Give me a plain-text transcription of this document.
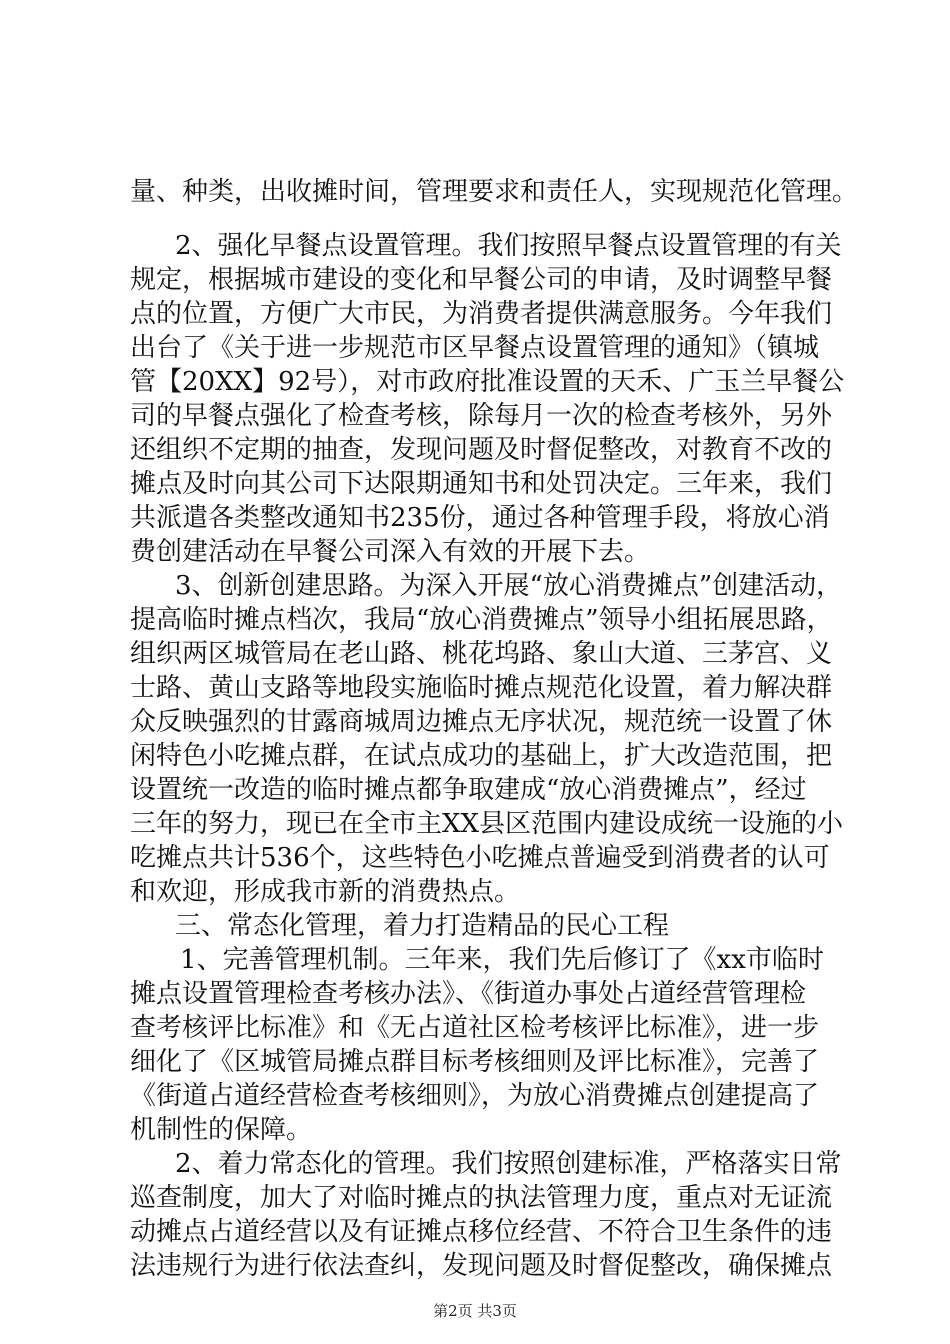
量、种类，出收摊时间，管理要求和责任人，实现规范化管理。
2、强化早餐点设置管理。我们按照早餐点设置管理的有关
规定，根据城市建设的变化和早餐公司的申请，及时调整早餐
点的位置，方便广大市民，为消费者提供满意服务。今年我们
出台了《关于进一步规范市区早餐点设置管理的通知》（镇城
管【20XX】92号），对市政府批准设置的天禾、广玉兰早餐公
司的早餐点强化了检查考核，除每月一次的检查考核外，另外
还组织不定期的抽查，发现问题及时督促整改，对教育不改的
摊点及时向其公司下达限期通知书和处罚决定。三年来，我们
共派遣各类整改通知书235份，通过各种管理手段，将放心消
费创建活动在早餐公司深入有效的开展下去。
3、创新创建思路。为深入开展“放心消费摊点”创建活动，
提高临时摊点档次，我局“放心消费摊点”领导小组拓展思路，
组织两区城管局在老山路、桃花坞路、象山大道、三茅宫、义
士路、黄山支路等地段实施临时摊点规范化设置，着力解决群
众反映强烈的甘露商城周边摊点无序状况，规范统一设置了休
闲特色小吃摊点群，在试点成功的基础上，扩大改造范围，把
设置统一改造的临时摊点都争取建成“放心消费摊点”，经过
三年的努力，现已在全市主XX县区范围内建设成统一设施的小
吃摊点共计536个，这些特色小吃摊点普遍受到消费者的认可
和欢迎，形成我市新的消费热点。
三、常态化管理，着力打造精品的民心工程
1、完善管理机制。三年来，我们先后修订了《xx市临时
摊点设置管理检查考核办法》、《街道办事处占道经营管理检
查考核评比标准》和《无占道社区检考核评比标准》，进一步
细化了《区城管局摊点群目标考核细则及评比标准》，完善了
《街道占道经营检查考核细则》，为放心消费摊点创建提高了
机制性的保障。
2、着力常态化的管理。我们按照创建标准，严格落实日常
巡查制度，加大了对临时摊点的执法管理力度，重点对无证流
动摊点占道经营以及有证摊点移位经营、不符合卫生条件的违
法违规行为进行依法查纠，发现问题及时督促整改，确保摊点
第2页 共3页
